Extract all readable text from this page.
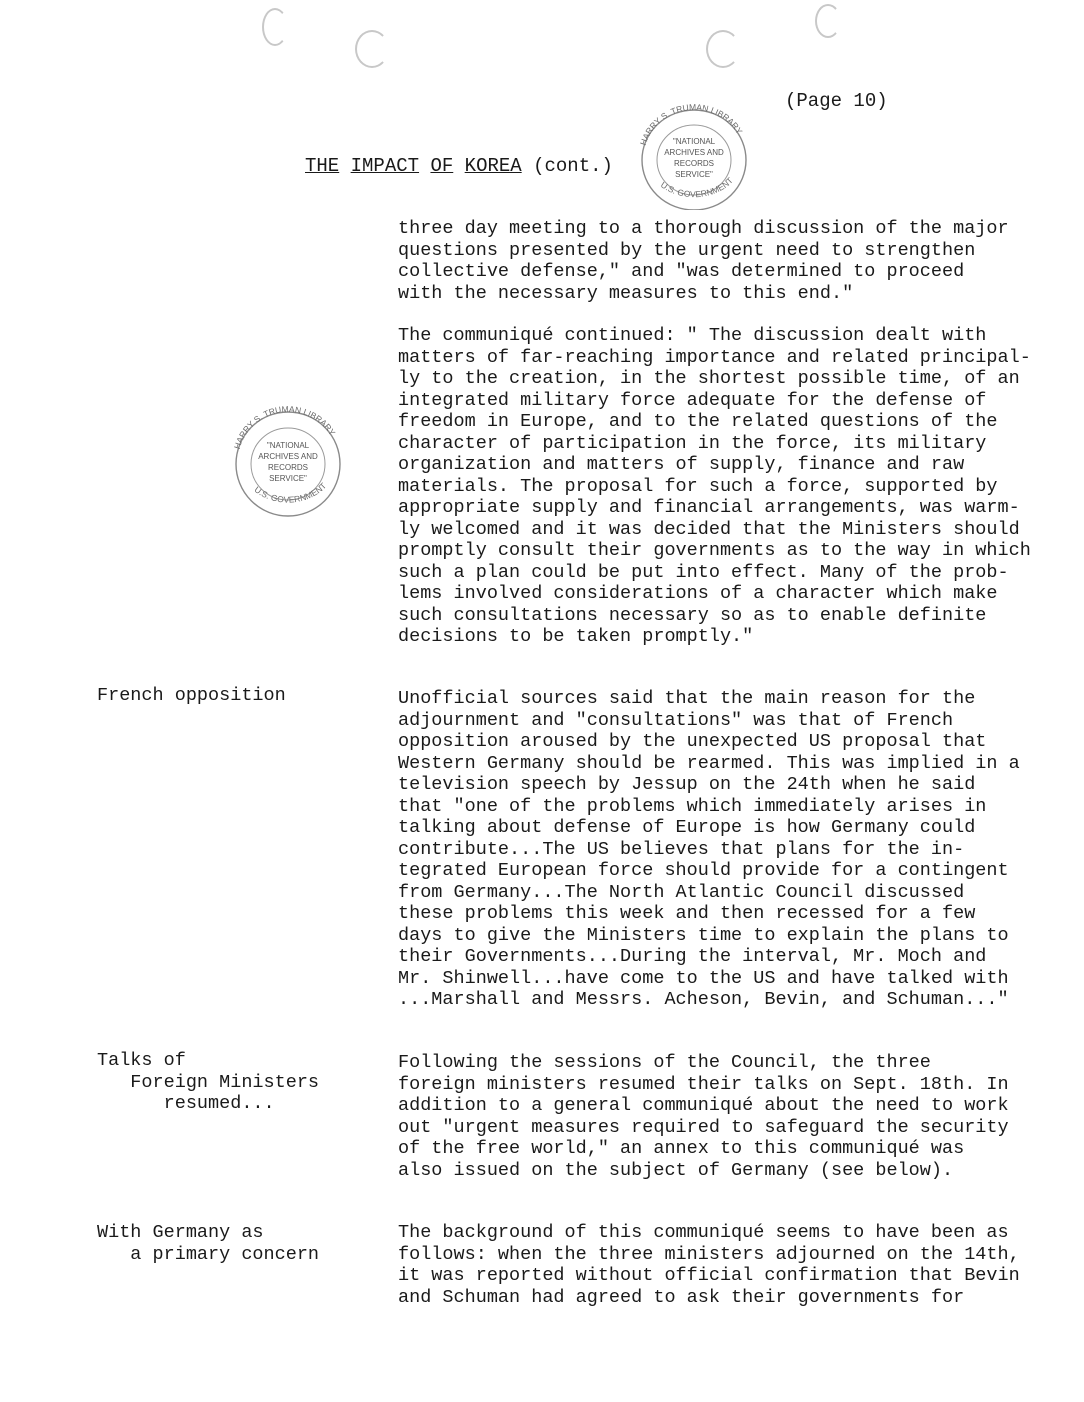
(Page 10)
THE IMPACT OF KOREA (cont.)
HARRY S. TRUMAN LIBRARY
U.S. GOVERNMENT
"NATIONAL
ARCHIVES AND
RECORDS
SERVICE"
HARRY S. TRUMAN LIBRARY
U.S. GOVERNMENT
"NATIONAL
ARCHIVES AND
RECORDS
SERVICE"
three day meeting to a thorough discussion of the major
questions presented by the urgent need to strengthen
collective defense," and "was determined to proceed
with the necessary measures to this end."
The communiqué continued: " The discussion dealt with
matters of far-reaching importance and related principal-
ly to the creation, in the shortest possible time, of an
integrated military force adequate for the defense of
freedom in Europe, and to the related questions of the
character of participation in the force, its military
organization and matters of supply, finance and raw
materials. The proposal for such a force, supported by
appropriate supply and financial arrangements, was warm-
ly welcomed and it was decided that the Ministers should
promptly consult their governments as to the way in which
such a plan could be put into effect. Many of the prob-
lems involved considerations of a character which make
such consultations necessary so as to enable definite
decisions to be taken promptly."
French opposition	Unofficial sources said that the main reason for the
adjournment and "consultations" was that of French
opposition aroused by the unexpected US proposal that
Western Germany should be rearmed. This was implied in a
television speech by Jessup on the 24th when he said
that "one of the problems which immediately arises in
talking about defense of Europe is how Germany could
contribute...The US believes that plans for the in-
tegrated European force should provide for a contingent
from Germany...The North Atlantic Council discussed
these problems this week and then recessed for a few
days to give the Ministers time to explain the plans to
their Governments...During the interval, Mr. Moch and
Mr. Shinwell...have come to the US and have talked with
...Marshall and Messrs. Acheson, Bevin, and Schuman..."
Talks of
Foreign Ministers
resumed...
Following the sessions of the Council, the three
foreign ministers resumed their talks on Sept. 18th. In
addition to a general communiqué about the need to work
out "urgent measures required to safeguard the security
of the free world," an annex to this communiqué was
also issued on the subject of Germany (see below).
With Germany as
a primary concern
The background of this communiqué seems to have been as
follows: when the three ministers adjourned on the 14th,
it was reported without official confirmation that Bevin
and Schuman had agreed to ask their governments for
